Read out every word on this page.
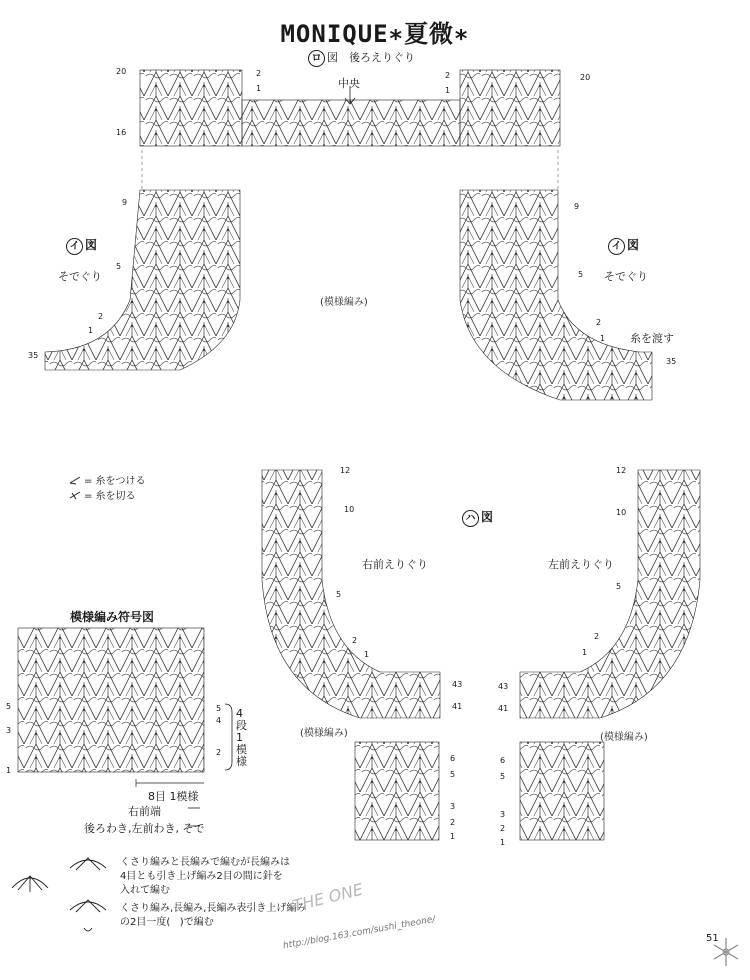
MONIQUE∗夏微∗
ロ 図　後ろえりぐり
中央
20
16
2
1
2
1
20
イ 図
そでぐり
9
5
2
1
35
(模様編み)
イ 図
そでぐり
9
5
2
1
35
糸を渡す
= 糸をつける
= 糸を切る
ハ 図
右前えりぐり	左前えりぐり
(模様編み)	(模様編み)
12
10
5
2
1
43
41
6
5
3
2
1
12
10
5
2
1
43
41
6
5
3
2
1
模様編み符号図
5
3
1
5
4
2
4段 1模様
8目 1模様
右前端
後ろわき,左前わき, そで
くさり編みと長編みで編むが長編みは
4目とも引き上げ編み2目の間に針を
入れて編む
くさり編み,長編み,長編み表引き上げ編み
の2目一度(   )で編む
THE ONE
http://blog.163.com/sushi_theone/	51
